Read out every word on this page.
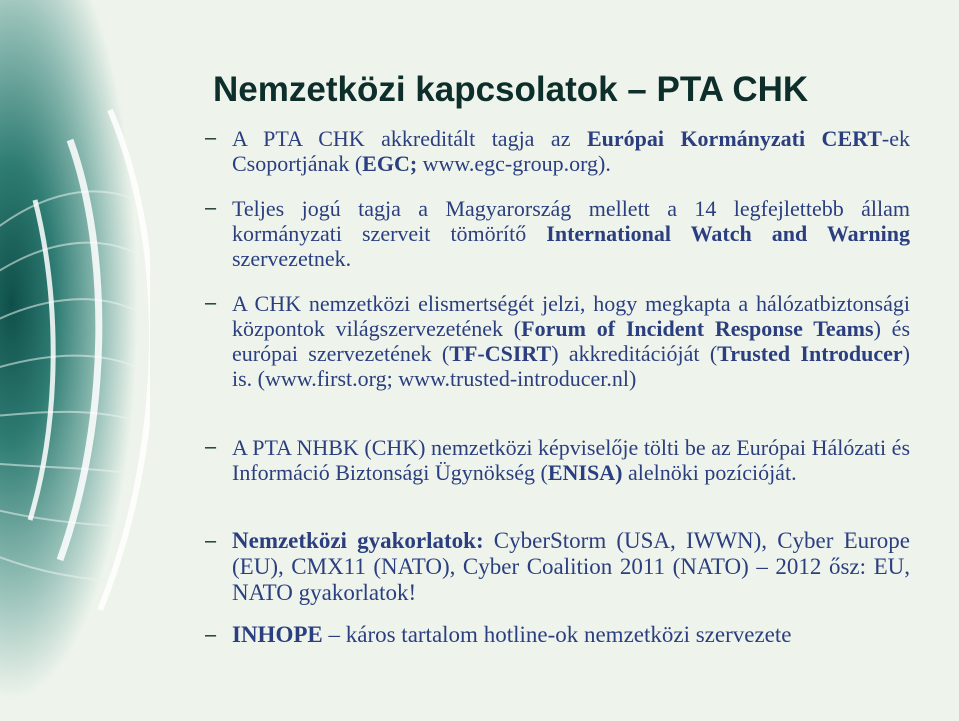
Nemzetközi kapcsolatok – PTA CHK
– A PTA CHK akkreditált tagja az Európai Kormányzati CERT-ek Csoportjának (EGC; www.egc-group.org).
– Teljes jogú tagja a Magyarország mellett a 14 legfejlettebb állam kormányzati szerveit tömörítő International Watch and Warning szervezetnek.
– A CHK nemzetközi elismertségét jelzi, hogy megkapta a hálózatbiztonsági központok világszervezetének (Forum of Incident Response Teams) és európai szervezetének (TF-CSIRT) akkreditációját (Trusted Introducer) is. (www.first.org; www.trusted-introducer.nl)
– A PTA NHBK (CHK) nemzetközi képviselője tölti be az Európai Hálózati és Információ Biztonsági Ügynökség (ENISA) alelnöki pozícióját.
– Nemzetközi gyakorlatok: CyberStorm (USA, IWWN), Cyber Europe (EU), CMX11 (NATO), Cyber Coalition 2011 (NATO) – 2012 ősz: EU, NATO gyakorlatok!
– INHOPE – káros tartalom hotline-ok nemzetközi szervezete
